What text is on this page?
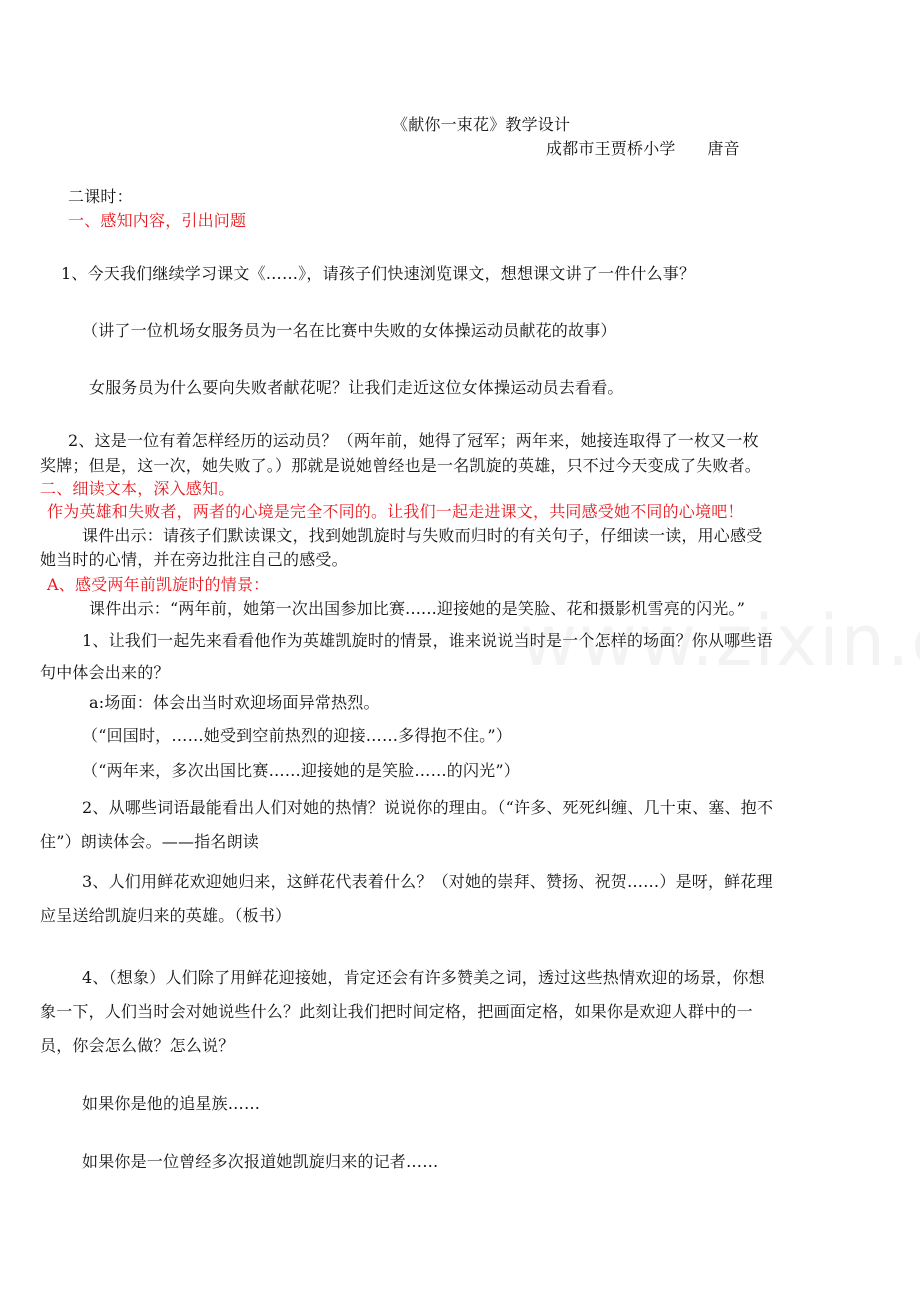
《献你一束花》教学设计
成都市王贾桥小学      唐音
二课时：
一、感知内容，引出问题
1、今天我们继续学习课文《……》，请孩子们快速浏览课文，想想课文讲了一件什么事？
（讲了一位机场女服务员为一名在比赛中失败的女体操运动员献花的故事）
女服务员为什么要向失败者献花呢？让我们走近这位女体操运动员去看看。
2、这是一位有着怎样经历的运动员？（两年前，她得了冠军；两年来，她接连取得了一枚又一枚
奖牌；但是，这一次，她失败了。）那就是说她曾经也是一名凯旋的英雄，只不过今天变成了失败者。
二、细读文本，深入感知。
作为英雄和失败者，两者的心境是完全不同的。让我们一起走进课文，共同感受她不同的心境吧！
课件出示：请孩子们默读课文，找到她凯旋时与失败而归时的有关句子，仔细读一读，用心感受
她当时的心情，并在旁边批注自己的感受。
A、感受两年前凯旋时的情景：
课件出示：“两年前，她第一次出国参加比赛......迎接她的是笑脸、花和摄影机雪亮的闪光。”
1、让我们一起先来看看他作为英雄凯旋时的情景，谁来说说当时是一个怎样的场面？你从哪些语
句中体会出来的？
a:场面：体会出当时欢迎场面异常热烈。
（“回国时，……她受到空前热烈的迎接……多得抱不住。”）
（“两年来，多次出国比赛……迎接她的是笑脸……的闪光”）
2、从哪些词语最能看出人们对她的热情？说说你的理由。（“许多、死死纠缠、几十束、塞、抱不
住”）朗读体会。——指名朗读
3、人们用鲜花欢迎她归来，这鲜花代表着什么？（对她的崇拜、赞扬、祝贺……）是呀，鲜花理
应呈送给凯旋归来的英雄。（板书）
4、（想象）人们除了用鲜花迎接她，肯定还会有许多赞美之词，透过这些热情欢迎的场景，你想
象一下，人们当时会对她说些什么？此刻让我们把时间定格，把画面定格，如果你是欢迎人群中的一
员，你会怎么做？怎么说？
如果你是他的追星族……
如果你是一位曾经多次报道她凯旋归来的记者……
